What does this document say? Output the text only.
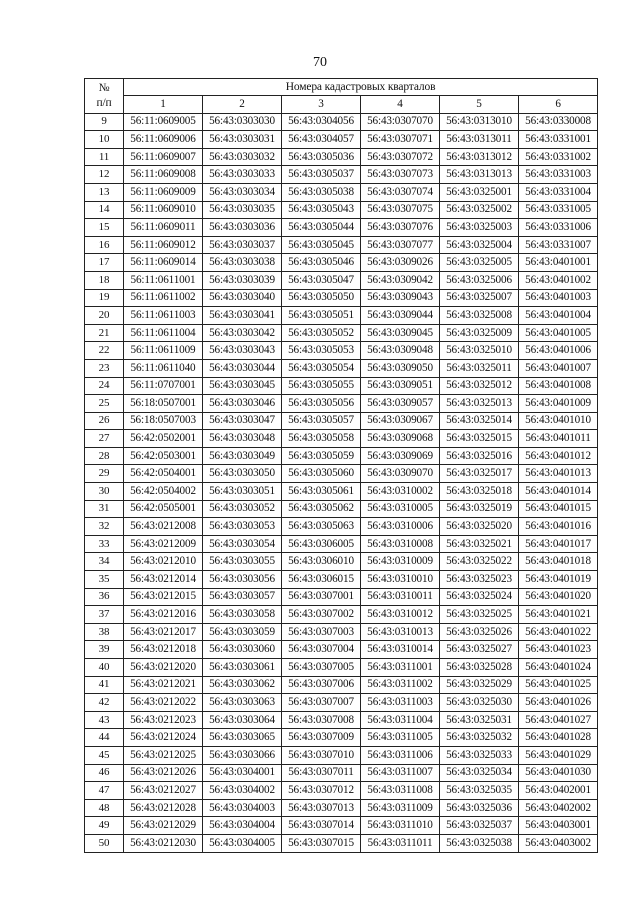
70
№
п/п	Номера кадастровых кварталов					
	1	2	3	4	5	6
9	56:11:0609005	56:43:0303030	56:43:0304056	56:43:0307070	56:43:0313010	56:43:0330008
10	56:11:0609006	56:43:0303031	56:43:0304057	56:43:0307071	56:43:0313011	56:43:0331001
11	56:11:0609007	56:43:0303032	56:43:0305036	56:43:0307072	56:43:0313012	56:43:0331002
12	56:11:0609008	56:43:0303033	56:43:0305037	56:43:0307073	56:43:0313013	56:43:0331003
13	56:11:0609009	56:43:0303034	56:43:0305038	56:43:0307074	56:43:0325001	56:43:0331004
14	56:11:0609010	56:43:0303035	56:43:0305043	56:43:0307075	56:43:0325002	56:43:0331005
15	56:11:0609011	56:43:0303036	56:43:0305044	56:43:0307076	56:43:0325003	56:43:0331006
16	56:11:0609012	56:43:0303037	56:43:0305045	56:43:0307077	56:43:0325004	56:43:0331007
17	56:11:0609014	56:43:0303038	56:43:0305046	56:43:0309026	56:43:0325005	56:43:0401001
18	56:11:0611001	56:43:0303039	56:43:0305047	56:43:0309042	56:43:0325006	56:43:0401002
19	56:11:0611002	56:43:0303040	56:43:0305050	56:43:0309043	56:43:0325007	56:43:0401003
20	56:11:0611003	56:43:0303041	56:43:0305051	56:43:0309044	56:43:0325008	56:43:0401004
21	56:11:0611004	56:43:0303042	56:43:0305052	56:43:0309045	56:43:0325009	56:43:0401005
22	56:11:0611009	56:43:0303043	56:43:0305053	56:43:0309048	56:43:0325010	56:43:0401006
23	56:11:0611040	56:43:0303044	56:43:0305054	56:43:0309050	56:43:0325011	56:43:0401007
24	56:11:0707001	56:43:0303045	56:43:0305055	56:43:0309051	56:43:0325012	56:43:0401008
25	56:18:0507001	56:43:0303046	56:43:0305056	56:43:0309057	56:43:0325013	56:43:0401009
26	56:18:0507003	56:43:0303047	56:43:0305057	56:43:0309067	56:43:0325014	56:43:0401010
27	56:42:0502001	56:43:0303048	56:43:0305058	56:43:0309068	56:43:0325015	56:43:0401011
28	56:42:0503001	56:43:0303049	56:43:0305059	56:43:0309069	56:43:0325016	56:43:0401012
29	56:42:0504001	56:43:0303050	56:43:0305060	56:43:0309070	56:43:0325017	56:43:0401013
30	56:42:0504002	56:43:0303051	56:43:0305061	56:43:0310002	56:43:0325018	56:43:0401014
31	56:42:0505001	56:43:0303052	56:43:0305062	56:43:0310005	56:43:0325019	56:43:0401015
32	56:43:0212008	56:43:0303053	56:43:0305063	56:43:0310006	56:43:0325020	56:43:0401016
33	56:43:0212009	56:43:0303054	56:43:0306005	56:43:0310008	56:43:0325021	56:43:0401017
34	56:43:0212010	56:43:0303055	56:43:0306010	56:43:0310009	56:43:0325022	56:43:0401018
35	56:43:0212014	56:43:0303056	56:43:0306015	56:43:0310010	56:43:0325023	56:43:0401019
36	56:43:0212015	56:43:0303057	56:43:0307001	56:43:0310011	56:43:0325024	56:43:0401020
37	56:43:0212016	56:43:0303058	56:43:0307002	56:43:0310012	56:43:0325025	56:43:0401021
38	56:43:0212017	56:43:0303059	56:43:0307003	56:43:0310013	56:43:0325026	56:43:0401022
39	56:43:0212018	56:43:0303060	56:43:0307004	56:43:0310014	56:43:0325027	56:43:0401023
40	56:43:0212020	56:43:0303061	56:43:0307005	56:43:0311001	56:43:0325028	56:43:0401024
41	56:43:0212021	56:43:0303062	56:43:0307006	56:43:0311002	56:43:0325029	56:43:0401025
42	56:43:0212022	56:43:0303063	56:43:0307007	56:43:0311003	56:43:0325030	56:43:0401026
43	56:43:0212023	56:43:0303064	56:43:0307008	56:43:0311004	56:43:0325031	56:43:0401027
44	56:43:0212024	56:43:0303065	56:43:0307009	56:43:0311005	56:43:0325032	56:43:0401028
45	56:43:0212025	56:43:0303066	56:43:0307010	56:43:0311006	56:43:0325033	56:43:0401029
46	56:43:0212026	56:43:0304001	56:43:0307011	56:43:0311007	56:43:0325034	56:43:0401030
47	56:43:0212027	56:43:0304002	56:43:0307012	56:43:0311008	56:43:0325035	56:43:0402001
48	56:43:0212028	56:43:0304003	56:43:0307013	56:43:0311009	56:43:0325036	56:43:0402002
49	56:43:0212029	56:43:0304004	56:43:0307014	56:43:0311010	56:43:0325037	56:43:0403001
50	56:43:0212030	56:43:0304005	56:43:0307015	56:43:0311011	56:43:0325038	56:43:0403002
